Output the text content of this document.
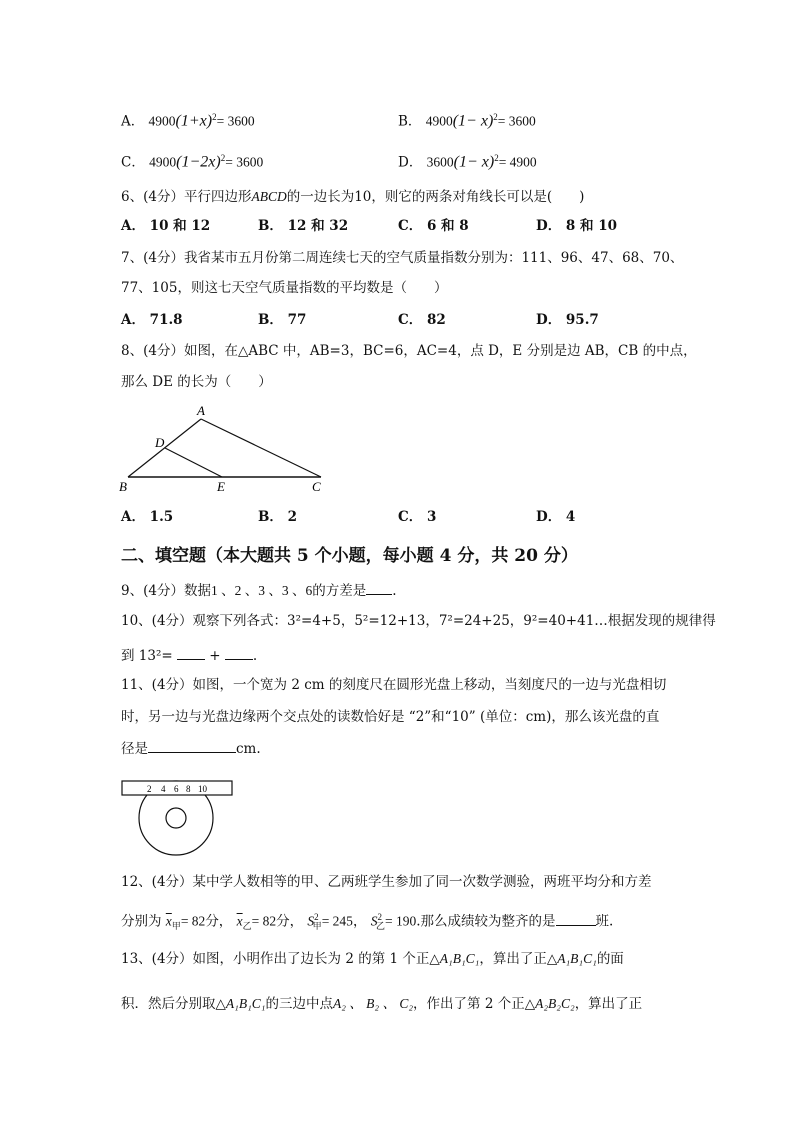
A． $4900(1+x)^2= 3600$	B． $4900(1- x)^2= 3600$
C． $4900(1-2x)^2= 3600$	D． $3600(1- x)^2= 4900$
6、(4分）平行四边形ABCD的一边长为10，则它的两条对角线长可以是(　　)
A． 10 和 12	B． 12 和 32	C． 6 和 8	D． 8 和 10
7、(4分）我省某市五月份第二周连续七天的空气质量指数分别为：111、96、47、68、70、
77、105，则这七天空气质量指数的平均数是（　　）
A． 71.8	B． 77	C． 82	D． 95.7
8、(4分）如图，在△ABC 中，AB=3，BC=6，AC=4，点 D，E 分别是边 AB，CB 的中点，
那么 DE 的长为（　　）
A
D
B	E	C
A． 1.5	B． 2	C． 3	D． 4
二、填空题（本大题共 5 个小题，每小题 4 分，共 20 分）
9、(4分）数据1 、2 、3 、3 、6的方差是 .
10、(4分）观察下列各式：3²=4+5，5²=12+13，7²=24+25，9²=40+41…根据发现的规律得
到 13²=	+ .
11、(4分）如图，一个宽为 2 cm 的刻度尺在圆形光盘上移动，当刻度尺的一边与光盘相切
时，另一边与光盘边缘两个交点处的读数恰好是 “2”和“10” (单位：cm)，那么该光盘的直
径是	cm.
2 4 6 8 10
12、(4分）某中学人数相等的甲、乙两班学生参加了同一次数学测验，两班平均分和方差
分别为 $\overline{x}_甲= 82$分， $\overline{x}_乙= 82$分， $S^2_甲= 245$， $S^2_乙= 190$.那么成绩较为整齐的是	班.
13、(4分）如图，小明作出了边长为 2 的第 1 个正△A₁B₁C₁，算出了正△A₁B₁C₁的面
积．然后分别取△A₁B₁C₁的三边中点A₂ 、 B₂ 、 C₂，作出了第 2 个正△A₂B₂C₂，算出了正
